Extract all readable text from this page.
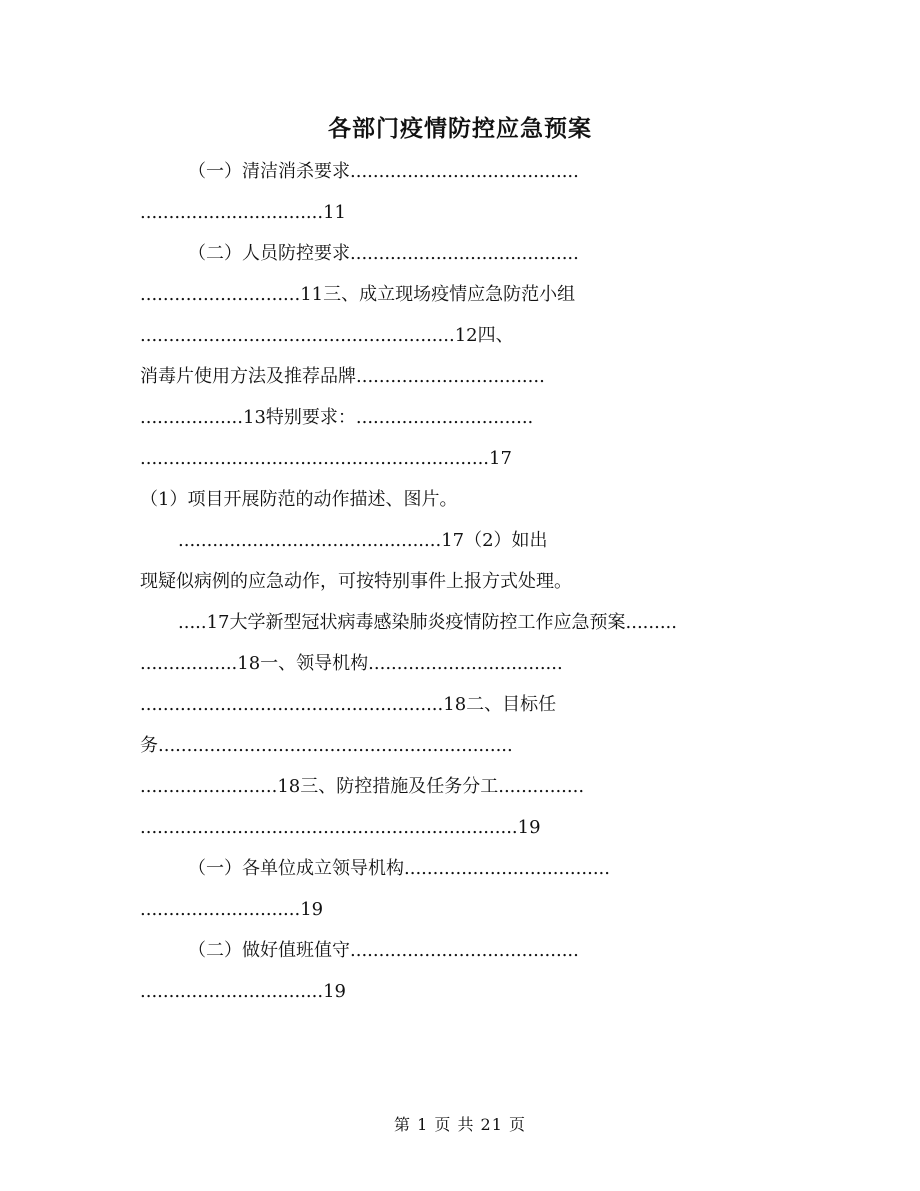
各部门疫情防控应急预案
（一）清洁消杀要求........................................
................................11
（二）人员防控要求........................................
............................11三、成立现场疫情应急防范小组
.......................................................12四、
消毒片使用方法及推荐品牌.................................
..................13特别要求：...............................
.............................................................17
（1）项目开展防范的动作描述、图片。
..............................................17（2）如出
现疑似病例的应急动作，可按特别事件上报方式处理。
.....17大学新型冠状病毒感染肺炎疫情防控工作应急预案.........
.................18一、领导机构..................................
.....................................................18二、目标任
务..............................................................
........................18三、防控措施及任务分工...............
..................................................................19
（一）各单位成立领导机构....................................
............................19
（二）做好值班值守........................................
................................19
第 1 页 共 21 页
